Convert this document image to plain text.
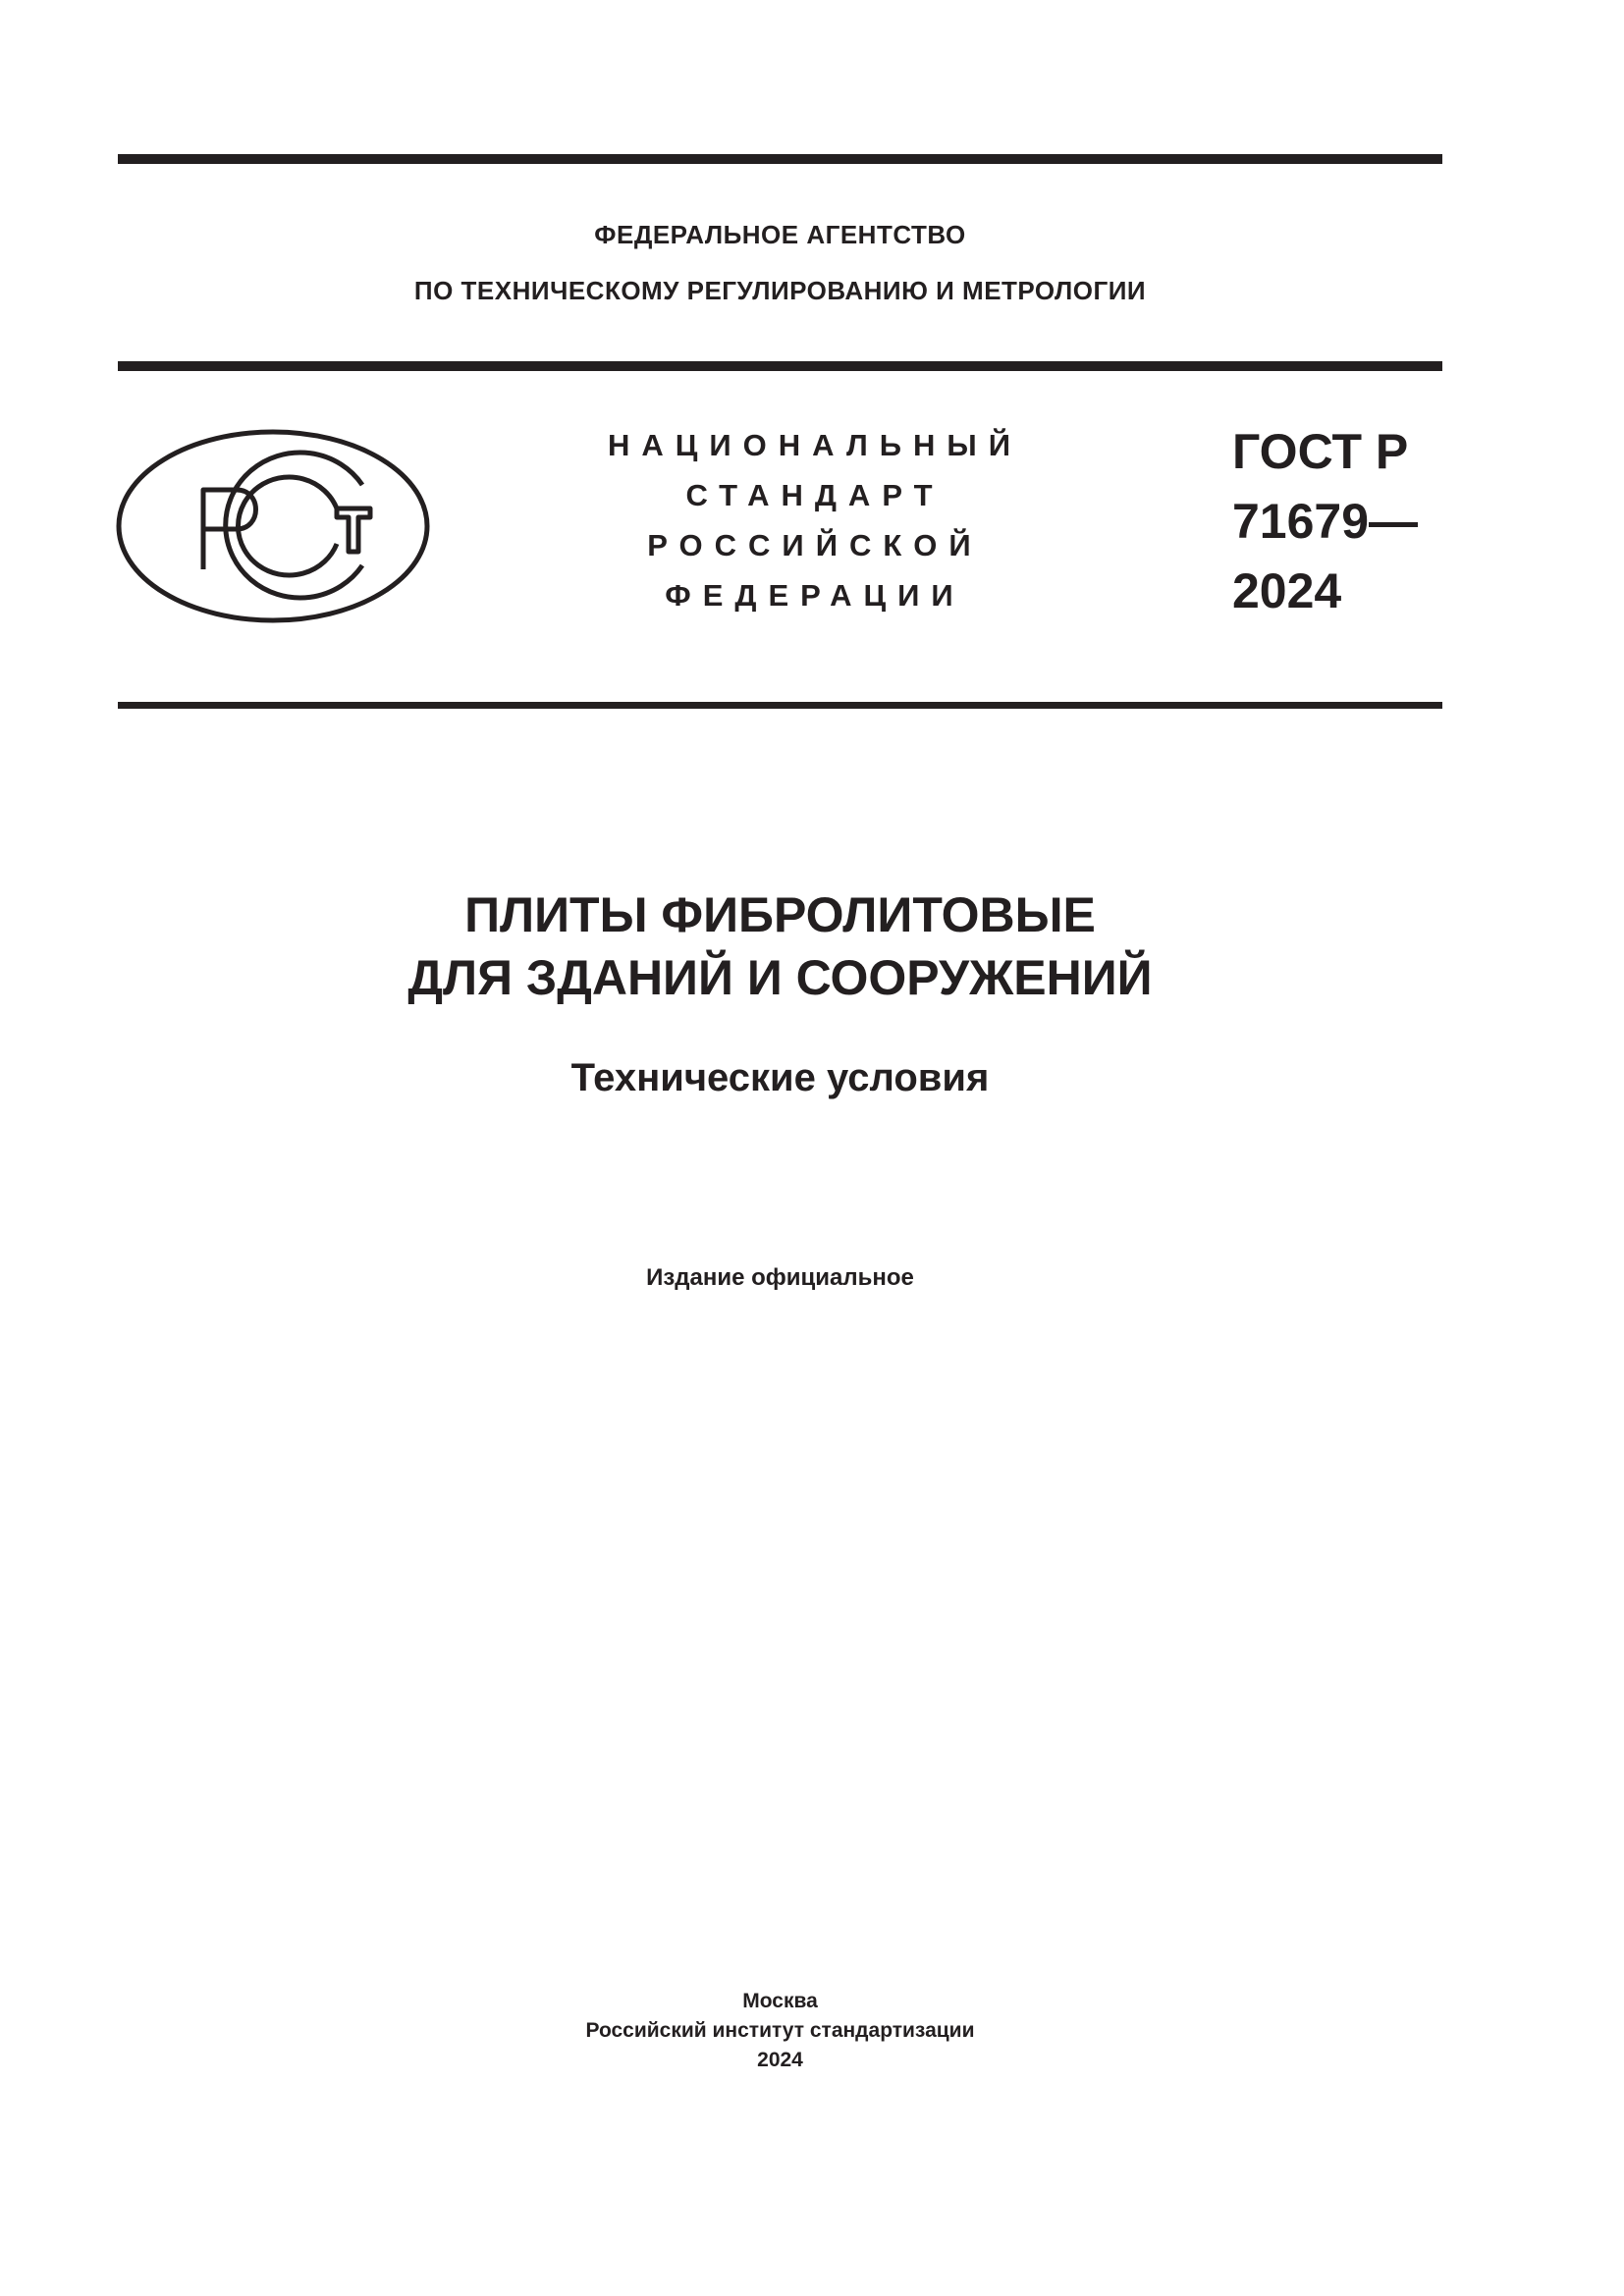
ФЕДЕРАЛЬНОЕ АГЕНТСТВО
ПО ТЕХНИЧЕСКОМУ РЕГУЛИРОВАНИЮ И МЕТРОЛОГИИ
НАЦИОНАЛЬНЫЙ
СТАНДАРТ
РОССИЙСКОЙ
ФЕДЕРАЦИИ
ГОСТ Р
71679—
2024
ПЛИТЫ ФИБРОЛИТОВЫЕ
ДЛЯ ЗДАНИЙ И СООРУЖЕНИЙ
Технические условия
Издание официальное
Москва
Российский институт стандартизации
2024
